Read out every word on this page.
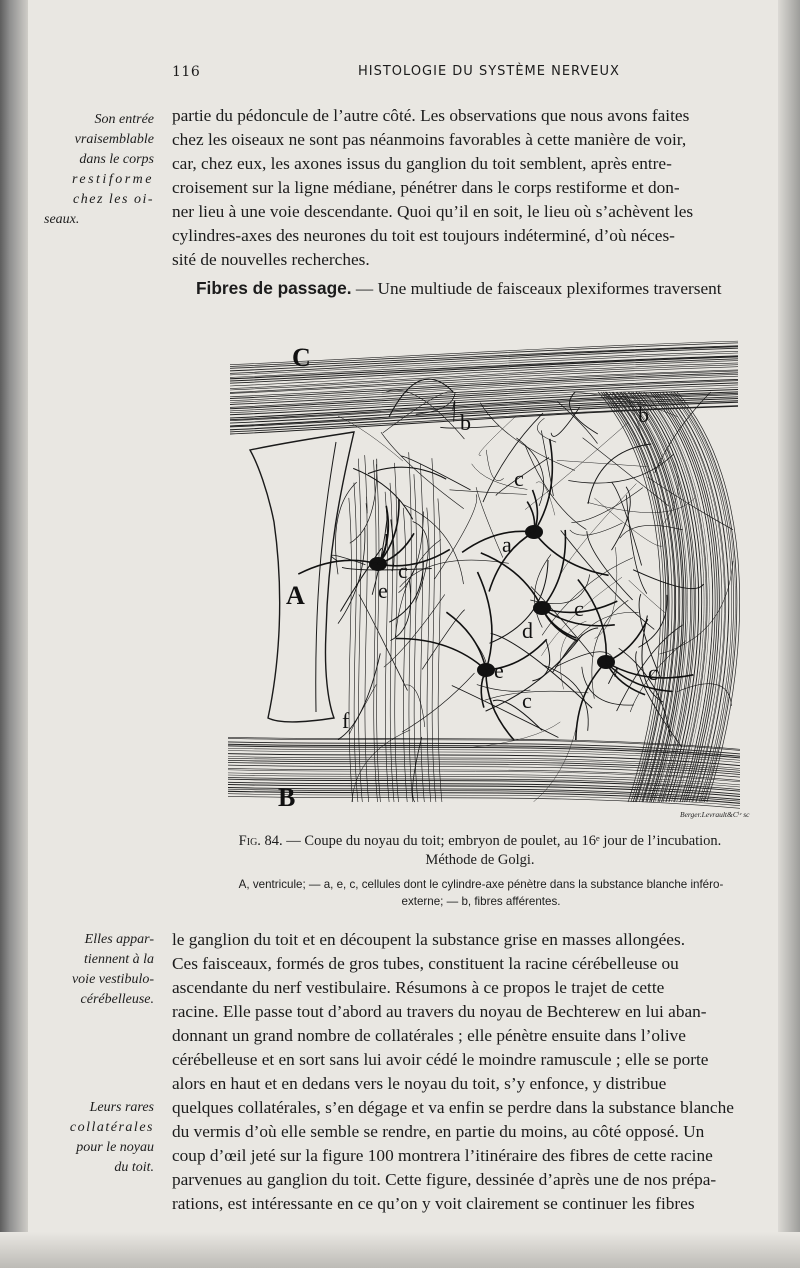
116	HISTOLOGIE DU SYSTÈME NERVEUX
Son entrée
vraisemblable
dans le corps
restiforme
chez les oi-
seaux.
Elles appar-
tiennent à la
voie vestibulo-
cérébelleuse.
Leurs rares
collatérales
pour le noyau
du toit.
partie du pédoncule de l’autre côté. Les observations que nous avons faites
chez les oiseaux ne sont pas néanmoins favorables à cette manière de voir,
car, chez eux, les axones issus du ganglion du toit semblent, après entre-
croisement sur la ligne médiane, pénétrer dans le corps restiforme et don-
ner lieu à une voie descendante. Quoi qu’il en soit, le lieu où s’achèvent les
cylindres-axes des neurones du toit est toujours indéterminé, d’où néces-
sité de nouvelles recherches.
Fibres de passage. — Une multiude de faisceaux plexiformes traversent
C
A
B
b	b
c
c
c
c
c
a
e
e
d
f
Berger.Levrault&Cⁱᵉ sc
Fig. 84. — Coupe du noyau du toit; embryon de poulet, au 16ᵉ jour de l’incubation.
Méthode de Golgi.
A, ventricule; — a, e, c, cellules dont le cylindre-axe pénètre dans la substance blanche inféro-
externe; — b, fibres afférentes.
le ganglion du toit et en découpent la substance grise en masses allongées.
Ces faisceaux, formés de gros tubes, constituent la racine cérébelleuse ou
ascendante du nerf vestibulaire. Résumons à ce propos le trajet de cette
racine. Elle passe tout d’abord au travers du noyau de Bechterew en lui aban-
donnant un grand nombre de collatérales ; elle pénètre ensuite dans l’olive
cérébelleuse et en sort sans lui avoir cédé le moindre ramuscule ; elle se porte
alors en haut et en dedans vers le noyau du toit, s’y enfonce, y distribue
quelques collatérales, s’en dégage et va enfin se perdre dans la substance blanche
du vermis d’où elle semble se rendre, en partie du moins, au côté opposé. Un
coup d’œil jeté sur la figure 100 montrera l’itinéraire des fibres de cette racine
parvenues au ganglion du toit. Cette figure, dessinée d’après une de nos prépa-
rations, est intéressante en ce qu’on y voit clairement se continuer les fibres
